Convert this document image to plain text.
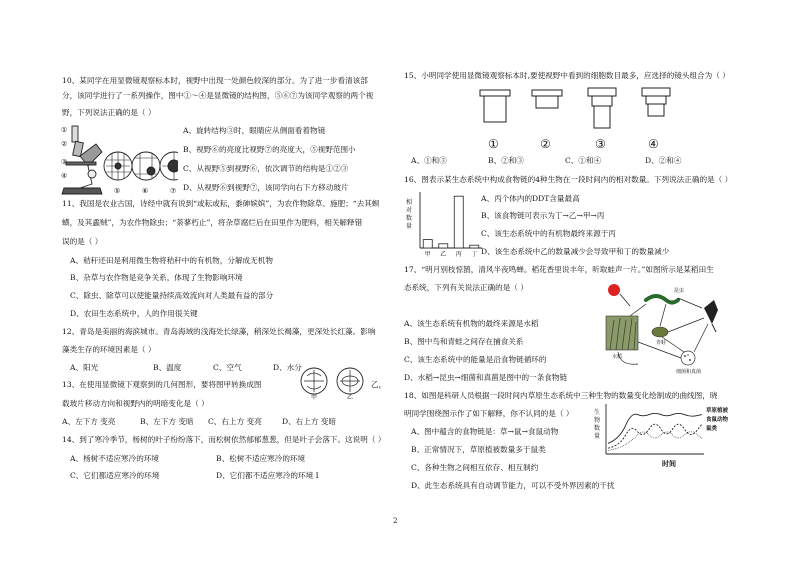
10、某同学在用显微镜观察标本时，视野中出现一处颜色较深的部分。为了进一步看清该部
分，该同学进行了一系列操作，图中①～④是显微镜的结构图，⑤⑥⑦为该同学观察的两个视
野，下列说法正确的是（ ）
①
②
③
④
⑤	⑥	⑦
A、旋转结构③时，眼睛应从侧面看着物镜
B、视野⑥的亮度比视野⑦的亮度大，⑤视野范围小
C、从视野⑤到视野⑥，依次调节的结构是①②③
D、从视野⑥到视野⑦，该同学向右下方移动玻片
11、我国是农业古国，诗经中就有说到“或耘或耘，黍砷嫔嫔”，为农作物除草、施肥；“去其螟
蟥，及其蟊贼”，为农作物除虫；“荼蓼朽止”，将杂草腐烂后在田里作为肥料，相关解释错
误的是（ ）
A、秸秆还田是利用微生物将秸秆中的有机物，分解成无机物
B、杂草与农作物是竞争关系，体现了生物影响环境
C、除虫、除草可以使能量持续高效流向对人类最有益的部分
D、农田生态系统中，人的作用很关键
12、青岛是美丽的海滨城市。青岛海域的浅海处长绿藻，稍深处长褐藻，更深处长红藻。影响
藻类生存的环境因素是（ ）
A、阳光	B、温度	C、空气	D、水分
13、在使用显微镜下观察到的几何图形，要将图甲转换成图
甲	乙
乙，
载玻片移动方向和视野内的明暗变化是（ ）
A、左下方 变亮	B、左下方 变暗 C、右上方 变亮	D、右上方 变暗
14、到了寒冷季节，杨树的叶子纷纷落下，而松树依然郁郁葱葱，但是叶子会落下。这说明（ ）
A、杨树不适应寒冷的环境	B、松树不适应寒冷的环境
C、它们都适应寒冷的环境	D、它们都不适应寒冷的环境 I
15、小明同学使用显微镜观察标本时,要使视野中看到的细胞数目最多，应选择的镜头组合为（ ）
①	②	③	④
A、①和③	B、②和③	C、①和④	D、②和④
16、图表示某生态系统中构成食物链的4种生物在一段时间内的相对数量。下列说法正确的是（ ）
相
对
数
量
甲 乙 丙 丁
A、丙个体内的DDT含量最高
B、该食物链可表示为丁→乙→甲→丙
C、该生态系统中的有机物最终来源于丙
D、该生态系统中乙的数量减少会导致甲和丁的数量减少
17、“明月别枝惊鹊，清风半夜鸣蝉。稻花香里说丰年，听取蛙声一片。”如图所示是某稻田生
态系统，下列有关说法正确的是（ ）
水稻
昆虫
青蛙
细菌和真菌
A、该生态系统有机物的最终来源是水稻
B、图中鸟和青蛙之间存在捕食关系
C、该生态系统中的能量是沿食物链循环的
D、水稻→昆虫→细菌和真菌是图中的一条食物链
18、如图是科研人员根据一段时间内草原生态系统中三种生物的数量变化绘制成的曲线图，晓
明同学围绕图示作了如下解释，你不认同的是（ ）	生
物
数
量
时间
草原植被
食鼠动物
鼠类
A、图中蕴含的食物链是：草→鼠→食鼠动物
B、正常情况下，草原植被数量多于鼠类
C、各种生物之间相互依存、相互制约
D、此生态系统具有自动调节能力，可以不受外界因素的干扰
2
